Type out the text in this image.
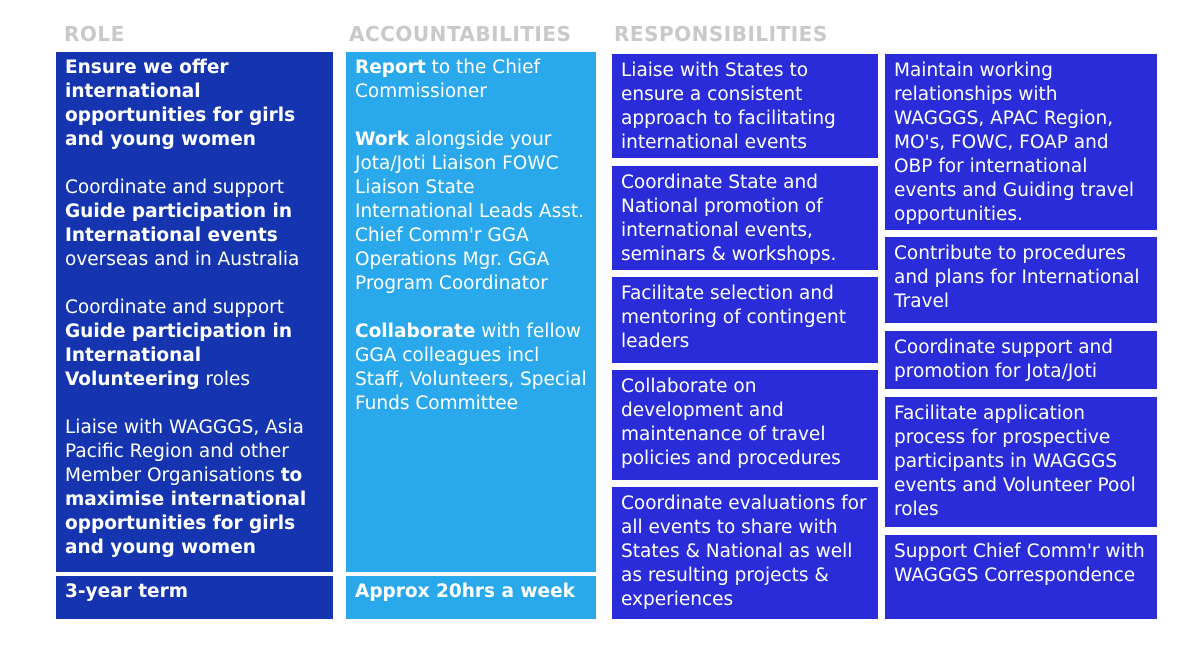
ROLE	ACCOUNTABILITIES RESPONSIBILITIES
Ensure we offer international opportunities for girls and young women
Coordinate and support Guide participation in International events overseas and in Australia
Coordinate and support Guide participation in International Volunteering roles
Liaise with WAGGGS, Asia Pacific Region and other Member Organisations to maximise international opportunities for girls and young women
3-year term
Report to the Chief Commissioner
Work alongside your Jota/Joti Liaison FOWC Liaison State International Leads Asst. Chief Comm'r GGA Operations Mgr. GGA Program Coordinator
Collaborate with fellow GGA colleagues incl Staff, Volunteers, Special Funds Committee
Approx 20hrs a week
Liaise with States to ensure a consistent approach to facilitating international events
Coordinate State and National promotion of international events, seminars & workshops.
Facilitate selection and mentoring of contingent leaders
Collaborate on development and maintenance of travel policies and procedures
Coordinate evaluations for all events to share with States & National as well as resulting projects & experiences
Maintain working relationships with WAGGGS, APAC Region, MO's, FOWC, FOAP and OBP for international events and Guiding travel opportunities.
Contribute to procedures and plans for International Travel
Coordinate support and promotion for Jota/Joti
Facilitate application process for prospective participants in WAGGGS events and Volunteer Pool roles
Support Chief Comm'r with WAGGGS Correspondence
